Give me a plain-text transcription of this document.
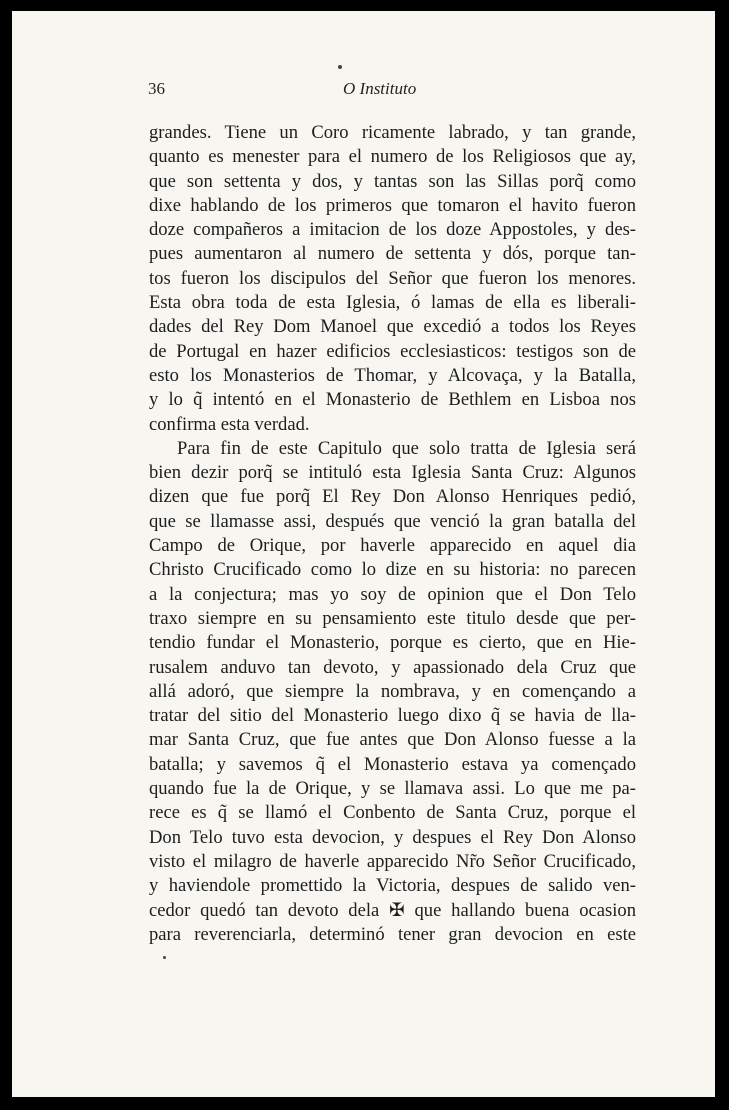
36	O Instituto
grandes. Tiene un Coro ricamente labrado, y tan grande,
quanto es menester para el numero de los Religiosos que ay,
que son settenta y dos, y tantas son las Sillas porq̃ como
dixe hablando de los primeros que tomaron el havito fueron
doze compañeros a imitacion de los doze Appostoles, y des-
pues aumentaron al numero de settenta y dós, porque tan-
tos fueron los discipulos del Señor que fueron los menores.
Esta obra toda de esta Iglesia, ó lamas de ella es liberali-
dades del Rey Dom Manoel que excedió a todos los Reyes
de Portugal en hazer edificios ecclesiasticos: testigos son de
esto los Monasterios de Thomar, y Alcovaça, y la Batalla,
y lo q̃ intentó en el Monasterio de Bethlem en Lisboa nos
confirma esta verdad.
Para fin de este Capitulo que solo tratta de Iglesia será
bien dezir porq̃ se intituló esta Iglesia Santa Cruz: Algunos
dizen que fue porq̃ El Rey Don Alonso Henriques pedió,
que se llamasse assi, después que venció la gran batalla del
Campo de Orique, por haverle apparecido en aquel dia
Christo Crucificado como lo dize en su historia: no parecen
a la conjectura; mas yo soy de opinion que el Don Telo
traxo siempre en su pensamiento este titulo desde que per-
tendio fundar el Monasterio, porque es cierto, que en Hie-
rusalem anduvo tan devoto, y apassionado dela Cruz que
allá adoró, que siempre la nombrava, y en començando a
tratar del sitio del Monasterio luego dixo q̃ se havia de lla-
mar Santa Cruz, que fue antes que Don Alonso fuesse a la
batalla; y savemos q̃ el Monasterio estava ya començado
quando fue la de Orique, y se llamava assi. Lo que me pa-
rece es q̃ se llamó el Conbento de Santa Cruz, porque el
Don Telo tuvo esta devocion, y despues el Rey Don Alonso
visto el milagro de haverle apparecido Nr̃o Señor Crucificado,
y haviendole promettido la Victoria, despues de salido ven-
cedor quedó tan devoto dela ✠ que hallando buena ocasion
para reverenciarla, determinó tener gran devocion en este
